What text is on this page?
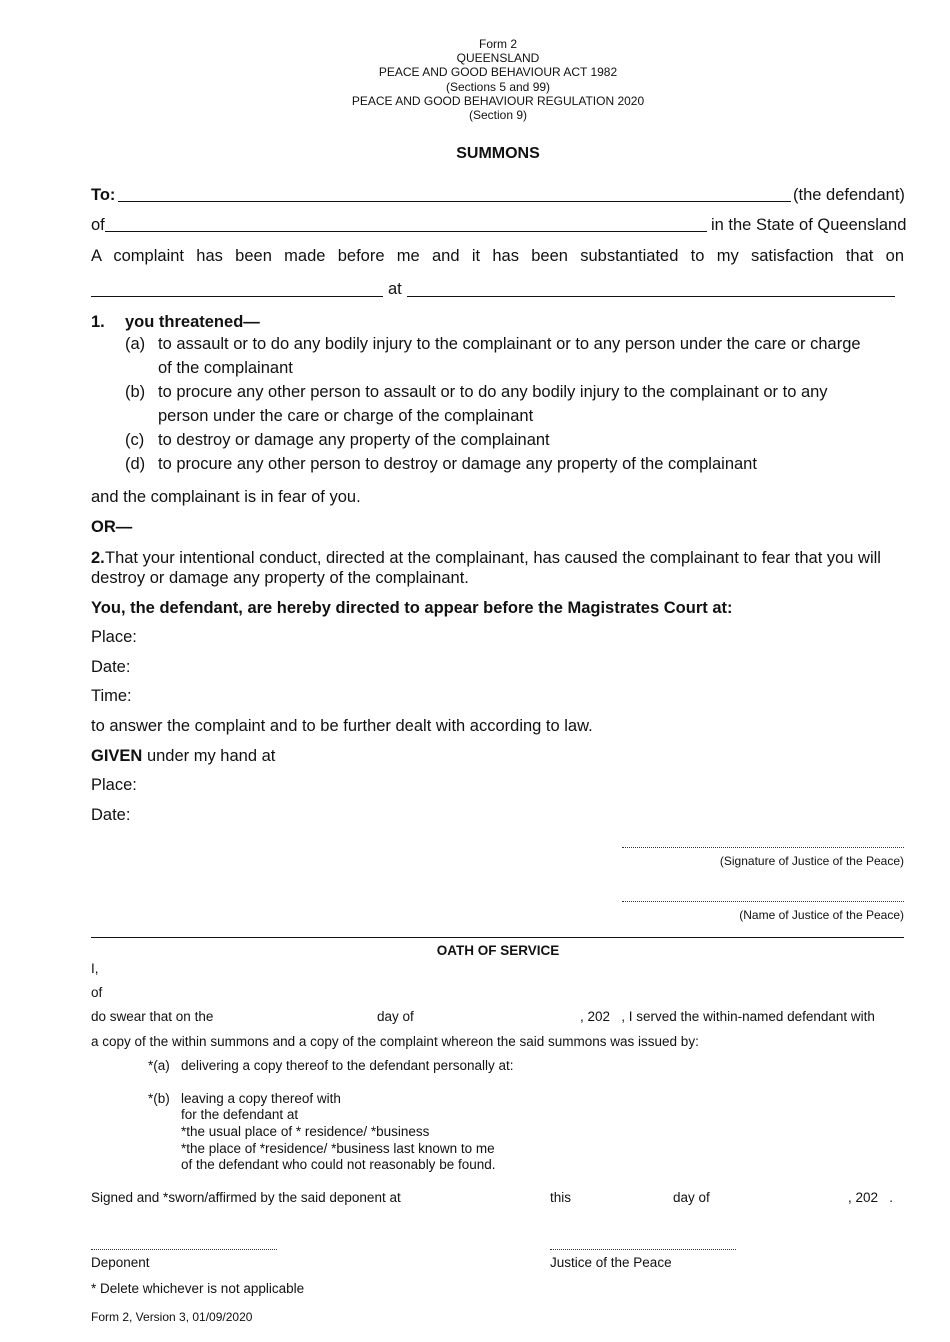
Form 2
QUEENSLAND
PEACE AND GOOD BEHAVIOUR ACT 1982
(Sections 5 and 99)
PEACE AND GOOD BEHAVIOUR REGULATION 2020
(Section 9)
SUMMONS
To:	(the defendant)
of	in the State of Queensland
A complaint has been made before me and it has been substantiated to my satisfaction that on
at
1. you threatened—
(a) to assault or to do any bodily injury to the complainant or to any person under the care or charge
of the complainant
(b) to procure any other person to assault or to do any bodily injury to the complainant or to any
person under the care or charge of the complainant
(c) to destroy or damage any property of the complainant
(d) to procure any other person to destroy or damage any property of the complainant
and the complainant is in fear of you.
OR—
2. That your intentional conduct, directed at the complainant, has caused the complainant to fear that you will
destroy or damage any property of the complainant.
You, the defendant, are hereby directed to appear before the Magistrates Court at:
Place:
Date:
Time:
to answer the complaint and to be further dealt with according to law.
GIVEN under my hand at
Place:
Date:
(Signature of Justice of the Peace)
(Name of Justice of the Peace)
OATH OF SERVICE
I,
of
do swear that on the	day of	, 202   , I served the within-named defendant with
a copy of the within summons and a copy of the complaint whereon the said summons was issued by:
*(a) delivering a copy thereof to the defendant personally at:
*(b) leaving a copy thereof with
for the defendant at
*the usual place of * residence/ *business
*the place of *residence/ *business last known to me
of the defendant who could not reasonably be found.
Signed and *sworn/affirmed by the said deponent at	this	day of	, 202   .
Deponent	Justice of the Peace
* Delete whichever is not applicable
Form 2, Version 3, 01/09/2020
